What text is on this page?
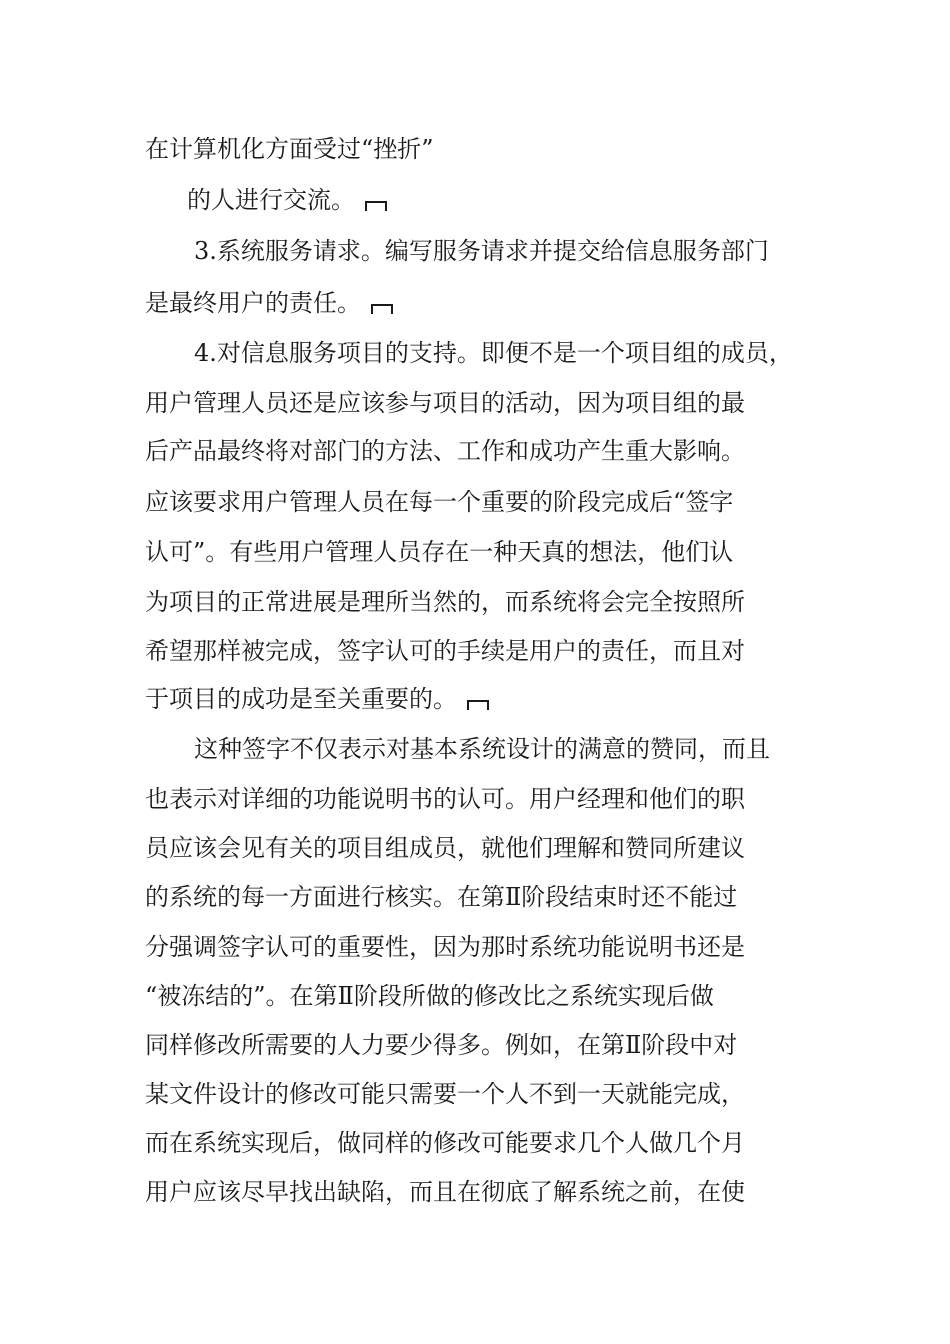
在计算机化方面受过“挫折”
的人进行交流。
3.系统服务请求。编写服务请求并提交给信息服务部门
是最终用户的责任。
4.对信息服务项目的支持。即便不是一个项目组的成员，
用户管理人员还是应该参与项目的活动，因为项目组的最
后产品最终将对部门的方法、工作和成功产生重大影响。
应该要求用户管理人员在每一个重要的阶段完成后“签字
认可”。有些用户管理人员存在一种天真的想法，他们认
为项目的正常进展是理所当然的，而系统将会完全按照所
希望那样被完成，签字认可的手续是用户的责任，而且对
于项目的成功是至关重要的。
这种签字不仅表示对基本系统设计的满意的赞同，而且
也表示对详细的功能说明书的认可。用户经理和他们的职
员应该会见有关的项目组成员，就他们理解和赞同所建议
的系统的每一方面进行核实。在第Ⅱ阶段结束时还不能过
分强调签字认可的重要性，因为那时系统功能说明书还是
“被冻结的”。在第Ⅱ阶段所做的修改比之系统实现后做
同样修改所需要的人力要少得多。例如，在第Ⅱ阶段中对
某文件设计的修改可能只需要一个人不到一天就能完成，
而在系统实现后，做同样的修改可能要求几个人做几个月
用户应该尽早找出缺陷，而且在彻底了解系统之前，在使
